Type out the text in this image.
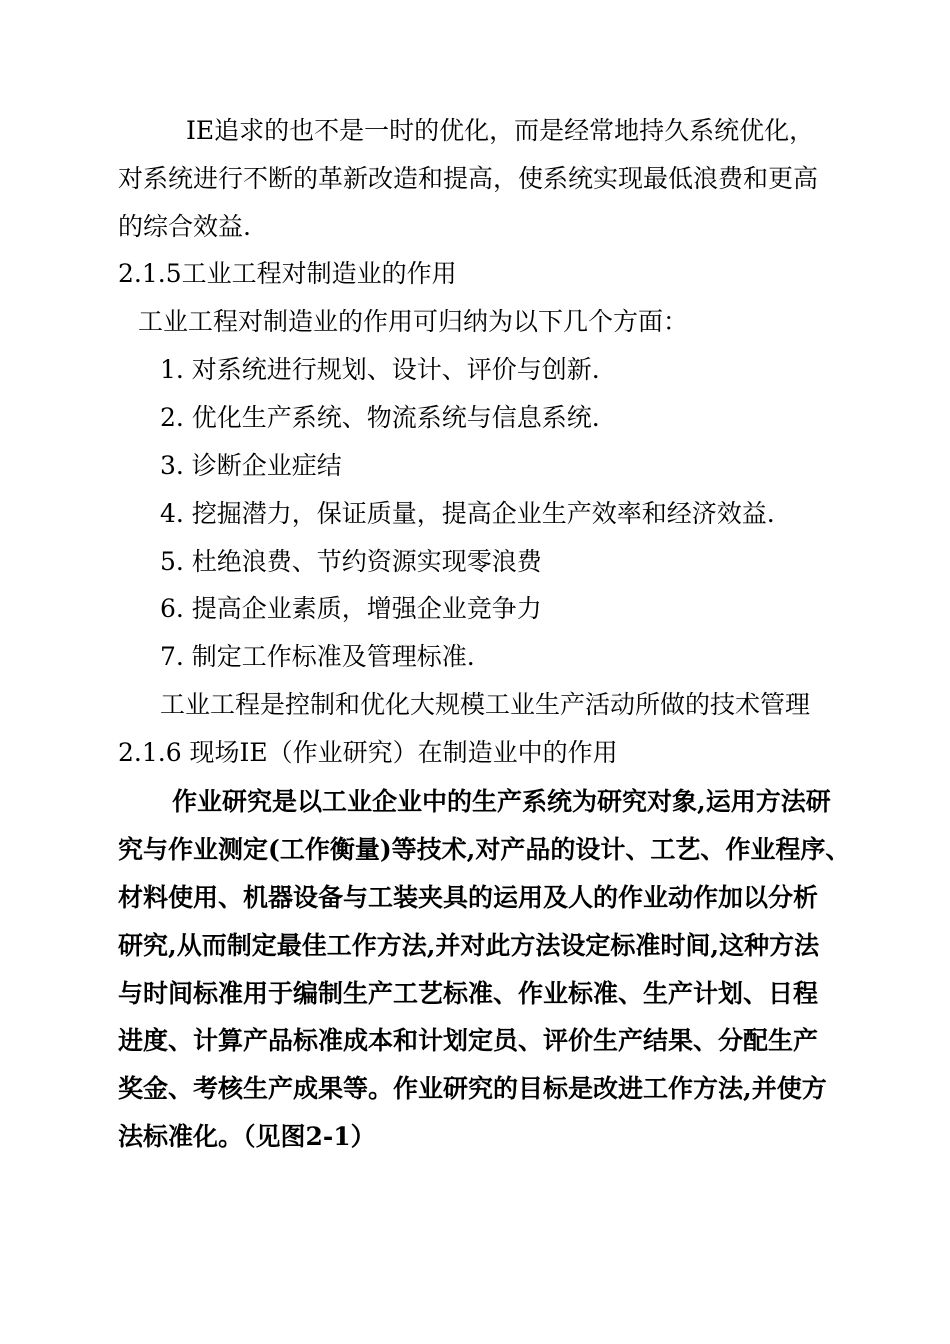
IE追求的也不是一时的优化，而是经常地持久系统优化，
对系统进行不断的革新改造和提高，使系统实现最低浪费和更高
的综合效益.
2.1.5工业工程对制造业的作用
工业工程对制造业的作用可归纳为以下几个方面：
1. 对系统进行规划、设计、评价与创新.
2. 优化生产系统、物流系统与信息系统.
3. 诊断企业症结
4. 挖掘潜力，保证质量，提高企业生产效率和经济效益.
5. 杜绝浪费、节约资源实现零浪费
6. 提高企业素质，增强企业竞争力
7. 制定工作标准及管理标准.
工业工程是控制和优化大规模工业生产活动所做的技术管理
2.1.6 现场IE（作业研究）在制造业中的作用
作业研究是以工业企业中的生产系统为研究对象,运用方法研
究与作业测定(工作衡量)等技术,对产品的设计、工艺、作业程序、
材料使用、机器设备与工装夹具的运用及人的作业动作加以分析
研究,从而制定最佳工作方法,并对此方法设定标准时间,这种方法
与时间标准用于编制生产工艺标准、作业标准、生产计划、日程
进度、计算产品标准成本和计划定员、评价生产结果、分配生产
奖金、考核生产成果等。作业研究的目标是改进工作方法,并使方
法标准化。（见图2-1）
